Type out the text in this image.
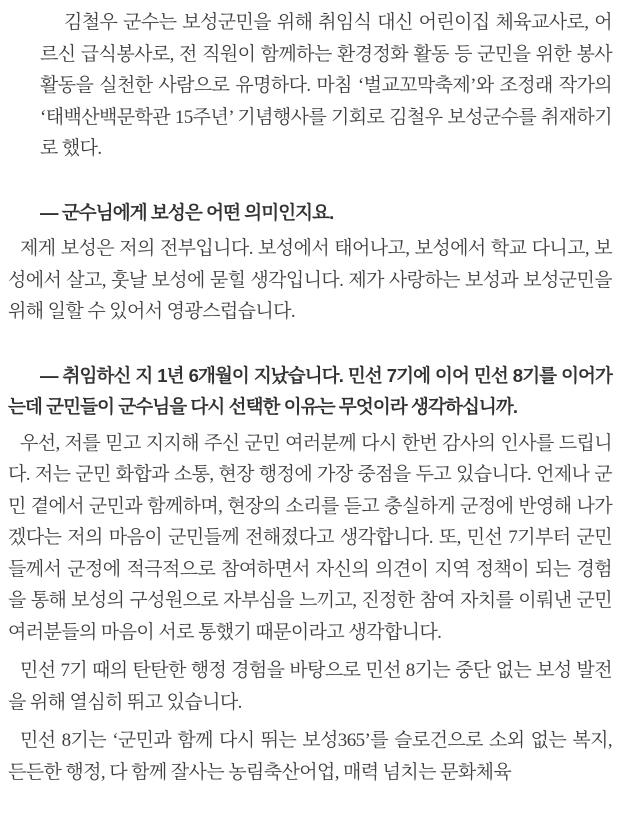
김철우 군수는 보성군민을 위해 취임식 대신 어린이집 체육교사로, 어르신 급식봉사로, 전 직원이 함께하는 환경정화 활동 등 군민을 위한 봉사활동을 실천한 사람으로 유명하다. 마침 ‘벌교꼬막축제’와 조정래 작가의 ‘태백산백문학관 15주년’ 기념행사를 기회로 김철우 보성군수를 취재하기로 했다.

— 군수님에게 보성은 어떤 의미인지요.

제게 보성은 저의 전부입니다. 보성에서 태어나고, 보성에서 학교 다니고, 보성에서 살고, 훗날 보성에 묻힐 생각입니다. 제가 사랑하는 보성과 보성군민을 위해 일할 수 있어서 영광스럽습니다.

— 취임하신 지 1년 6개월이 지났습니다. 민선 7기에 이어 민선 8기를 이어가는데 군민들이 군수님을 다시 선택한 이유는 무엇이라 생각하십니까.

우선, 저를 믿고 지지해 주신 군민 여러분께 다시 한번 감사의 인사를 드립니다. 저는 군민 화합과 소통, 현장 행정에 가장 중점을 두고 있습니다. 언제나 군민 곁에서 군민과 함께하며, 현장의 소리를 듣고 충실하게 군정에 반영해 나가겠다는 저의 마음이 군민들께 전해졌다고 생각합니다. 또, 민선 7기부터 군민들께서 군정에 적극적으로 참여하면서 자신의 의견이 지역 정책이 되는 경험을 통해 보성의 구성원으로 자부심을 느끼고, 진정한 참여 자치를 이뤄낸 군민 여러분들의 마음이 서로 통했기 때문이라고 생각합니다.

민선 7기 때의 탄탄한 행정 경험을 바탕으로 민선 8기는 중단 없는 보성 발전을 위해 열심히 뛰고 있습니다.

민선 8기는 ‘군민과 함께 다시 뛰는 보성365’를 슬로건으로 소외 없는 복지, 든든한 행정, 다 함께 잘사는 농림축산어업, 매력 넘치는 문화체육
